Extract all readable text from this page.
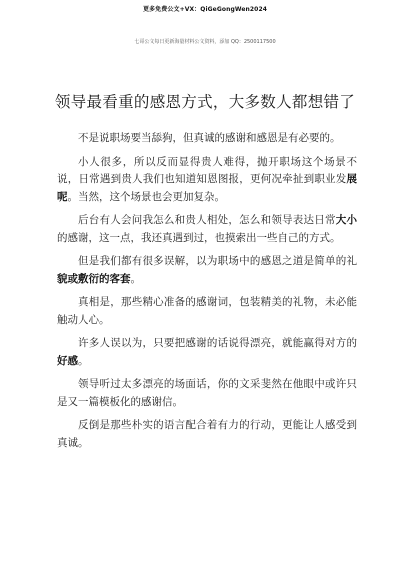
更多免费公文+VX：QiGeGongWen2024
七哥公文每日更新海量材料公文资料，添加 QQ：2500117500
领导最看重的感恩方式，大多数人都想错了

不是说职场要当舔狗，但真诚的感谢和感恩是有必要的。

小人很多，所以反而显得贵人难得，抛开职场这个场景不说，日常遇到贵人我们也知道知恩图报，更何况牵扯到职业发展呢。当然，这个场景也会更加复杂。

后台有人会问我怎么和贵人相处，怎么和领导表达日常大小的感谢，这一点，我还真遇到过，也摸索出一些自己的方式。

但是我们都有很多误解，以为职场中的感恩之道是简单的礼貌或敷衍的客套。

真相是，那些精心准备的感谢词，包装精美的礼物，未必能触动人心。

许多人误以为，只要把感谢的话说得漂亮，就能赢得对方的好感。

领导听过太多漂亮的场面话，你的文采斐然在他眼中或许只是又一篇模板化的感谢信。

反倒是那些朴实的语言配合着有力的行动，更能让人感受到真诚。
